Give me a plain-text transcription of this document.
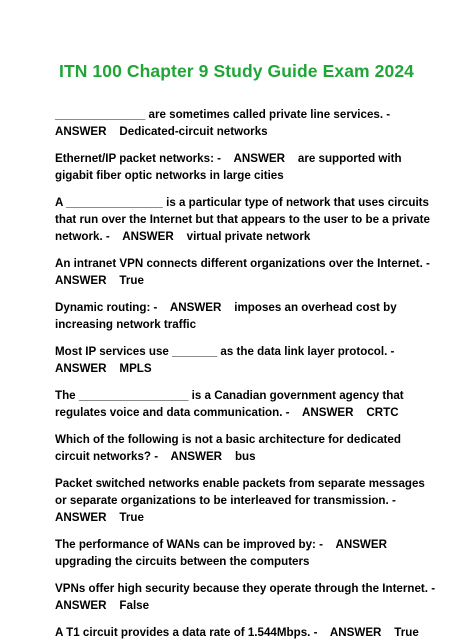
ITN 100 Chapter 9 Study Guide Exam 2024

______________ are sometimes called private line services. -
ANSWER    Dedicated-circuit networks

Ethernet/IP packet networks: -    ANSWER    are supported with
gigabit fiber optic networks in large cities

A _______________ is a particular type of network that uses circuits
that run over the Internet but that appears to the user to be a private
network. -    ANSWER    virtual private network

An intranet VPN connects different organizations over the Internet. -
ANSWER    True

Dynamic routing: -    ANSWER    imposes an overhead cost by
increasing network traffic

Most IP services use _______ as the data link layer protocol. -
ANSWER    MPLS

The _________________ is a Canadian government agency that
regulates voice and data communication. -    ANSWER    CRTC

Which of the following is not a basic architecture for dedicated
circuit networks? -    ANSWER    bus

Packet switched networks enable packets from separate messages
or separate organizations to be interleaved for transmission. -
ANSWER    True

The performance of WANs can be improved by: -    ANSWER
upgrading the circuits between the computers

VPNs offer high security because they operate through the Internet. -
ANSWER    False

A T1 circuit provides a data rate of 1.544Mbps. -    ANSWER    True
